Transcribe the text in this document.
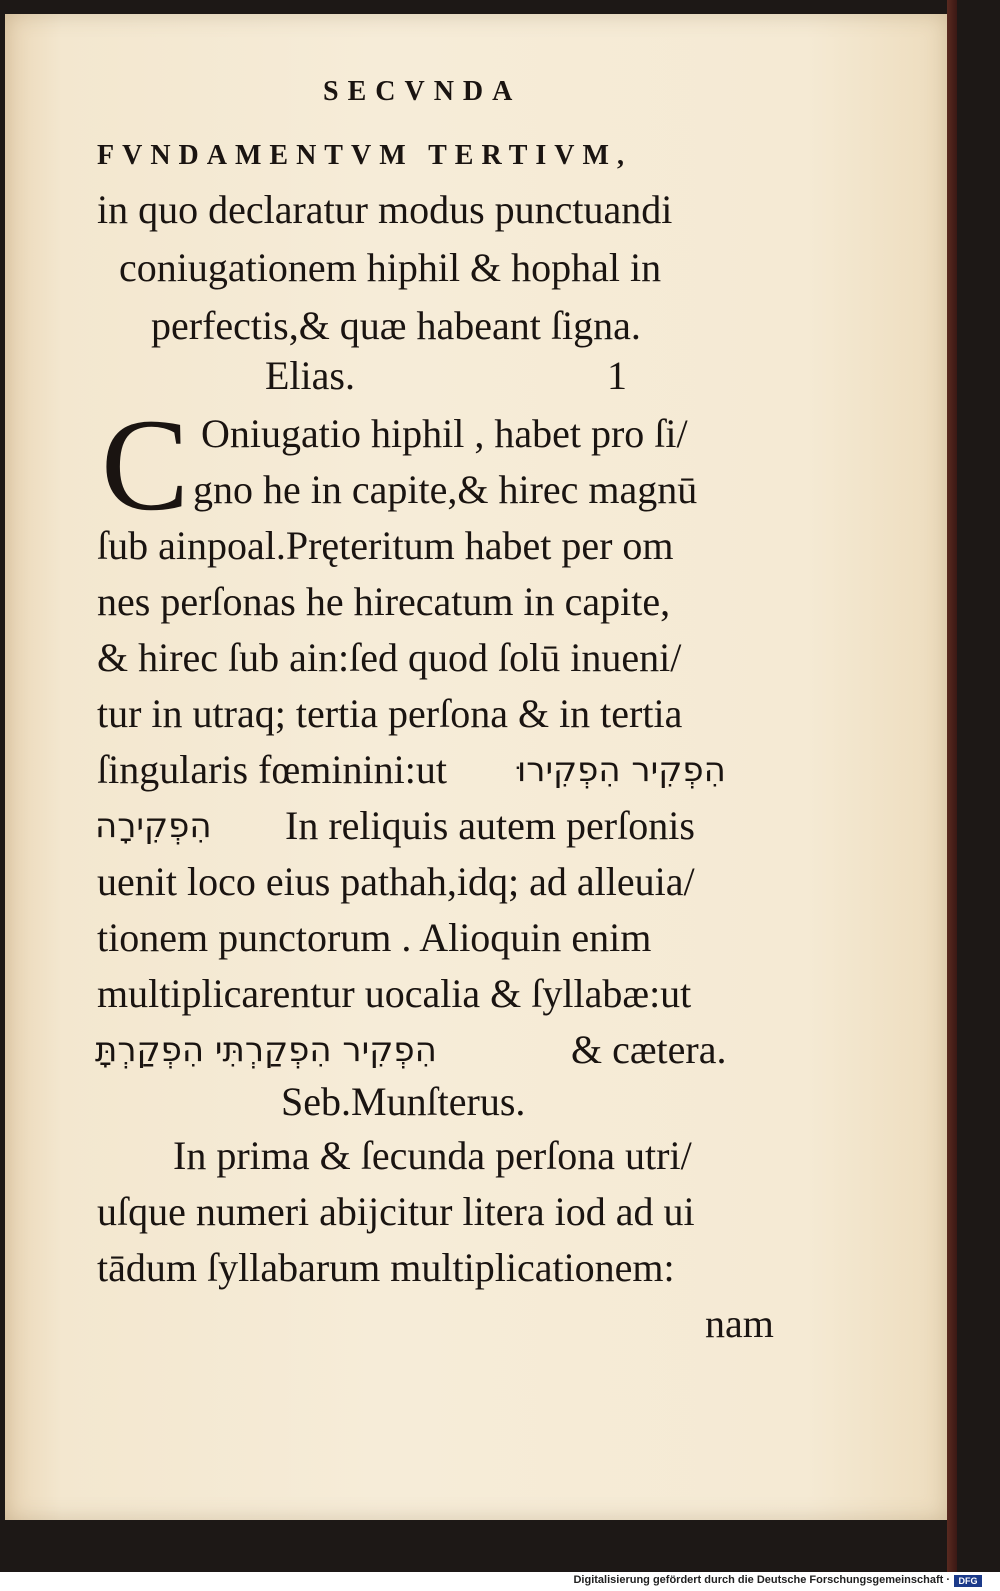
SECVNDA
FVNDAMENTVM TERTIVM,
in quo declaratur modus punctuandi
coniugationem hiphil & hophal in
perfectis,& quæ habeant ſigna.
Elias.	1
C Oniugatio hiphil , habet pro ſi/
gno he in capite,& hirec magnū
ſub ainpoal.Pręteritum habet per om
nes perſonas he hirecatum in capite,
& hirec ſub ain:ſed quod ſolū inueni/
tur in utraq; tertia perſona & in tertia
ſingularis fœminini:ut הִפְקִיר הִפְקִירוּ
הִפְקִירָה In reliquis autem perſonis
uenit loco eius pathah,idq; ad alleuia/
tionem punctorum . Alioquin enim
multiplicarentur uocalia & ſyllabæ:ut
הִפְקִיר הִפְקַרְתִּי הִפְקַרְתָּ	& cætera.
Seb.Munſterus.
In prima & ſecunda perſona utri/
uſque numeri abijcitur litera iod ad ui
tādum ſyllabarum multiplicationem:
nam
Digitalisierung gefördert durch die Deutsche Forschungsgemeinschaft · DFG
